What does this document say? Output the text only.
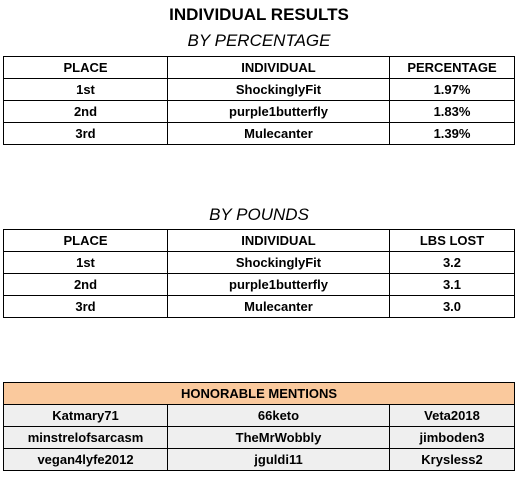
INDIVIDUAL RESULTS
BY PERCENTAGE
PLACE	INDIVIDUAL	PERCENTAGE
1st	ShockinglyFit	1.97%
2nd	purple1butterfly	1.83%
3rd	Mulecanter	1.39%
BY POUNDS
PLACE	INDIVIDUAL	LBS LOST
1st	ShockinglyFit	3.2
2nd	purple1butterfly	3.1
3rd	Mulecanter	3.0
HONORABLE MENTIONS		
Katmary71	66keto	Veta2018
minstrelofsarcasm	TheMrWobbly	jimboden3
vegan4lyfe2012	jguldi11	Krysless2
